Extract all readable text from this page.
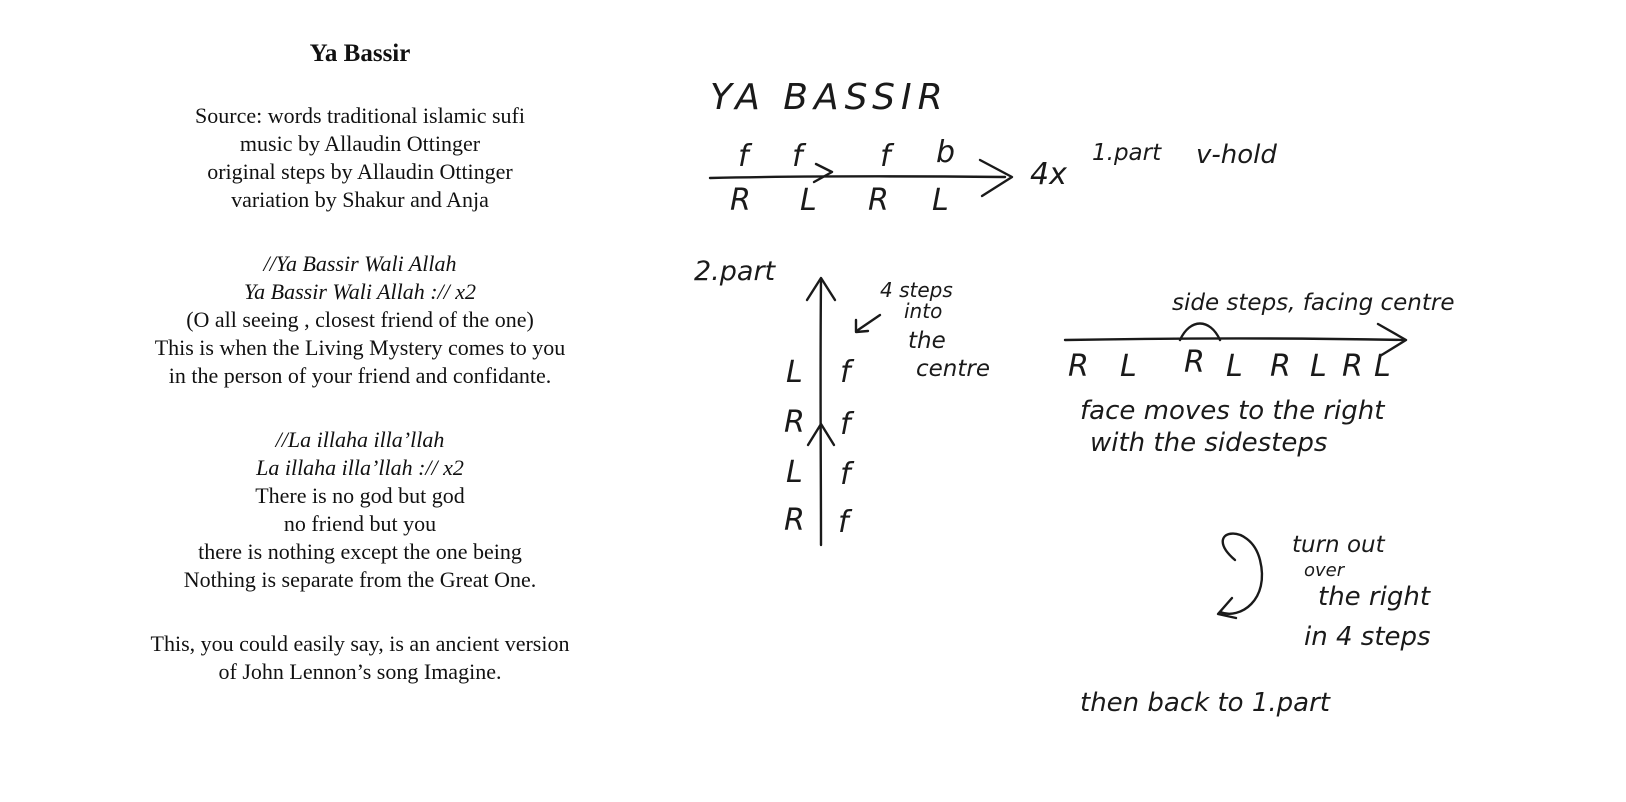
Ya Bassir

Source: words traditional islamic sufi

music by Allaudin Ottinger

original steps by Allaudin Ottinger

variation by Shakur and Anja

//Ya Bassir Wali Allah

Ya Bassir Wali Allah :// x2

(O all seeing , closest friend of the one)

This is when the Living Mystery comes to you

in the person of your friend and confidante.

//La illaha illa’llah

La illaha illa’llah :// x2

There is no god but god

no friend but you

there is nothing except the one being

Nothing is separate from the Great One.

This, you could easily say, is an ancient version

of John Lennon’s song Imagine.

YA BASSIR
f f	f b
R L R L
4x
1.part v-hold
2.part
4 steps
into
the
centre
L
R
L
R
f
f
f
f
side steps, facing centre
R L R L R L R L
face moves to the right
with the sidesteps
turn out
over
the right
in 4 steps
then back to 1.part
